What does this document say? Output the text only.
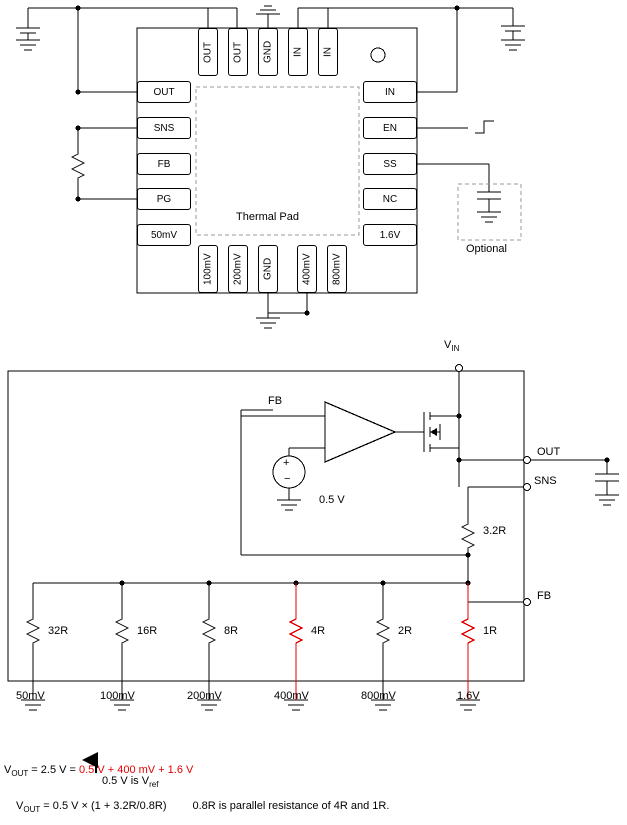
OUT OUT GND IN IN
OUT
SNS
FB
PG
50mV
IN
EN
SS
NC
1.6V
100mV 200mV GND	400mV 800mV
Thermal Pad
Optional
$V_{IN}$
FB
OUT
SNS
FB
+
−
0.5 V
3.2R
32R	16R	8R	4R	2R	1R
50mV	100mV	200mV	400mV	800mV	1.6V
$V_{OUT} = 2.5$ V = 0.5 V + 400 mV + 1.6 V
0.5 V is $V_{ref}$
$V_{OUT} = 0.5$ V × (1 + 3.2R/0.8R) 0.8R is parallel resistance of 4R and 1R.
